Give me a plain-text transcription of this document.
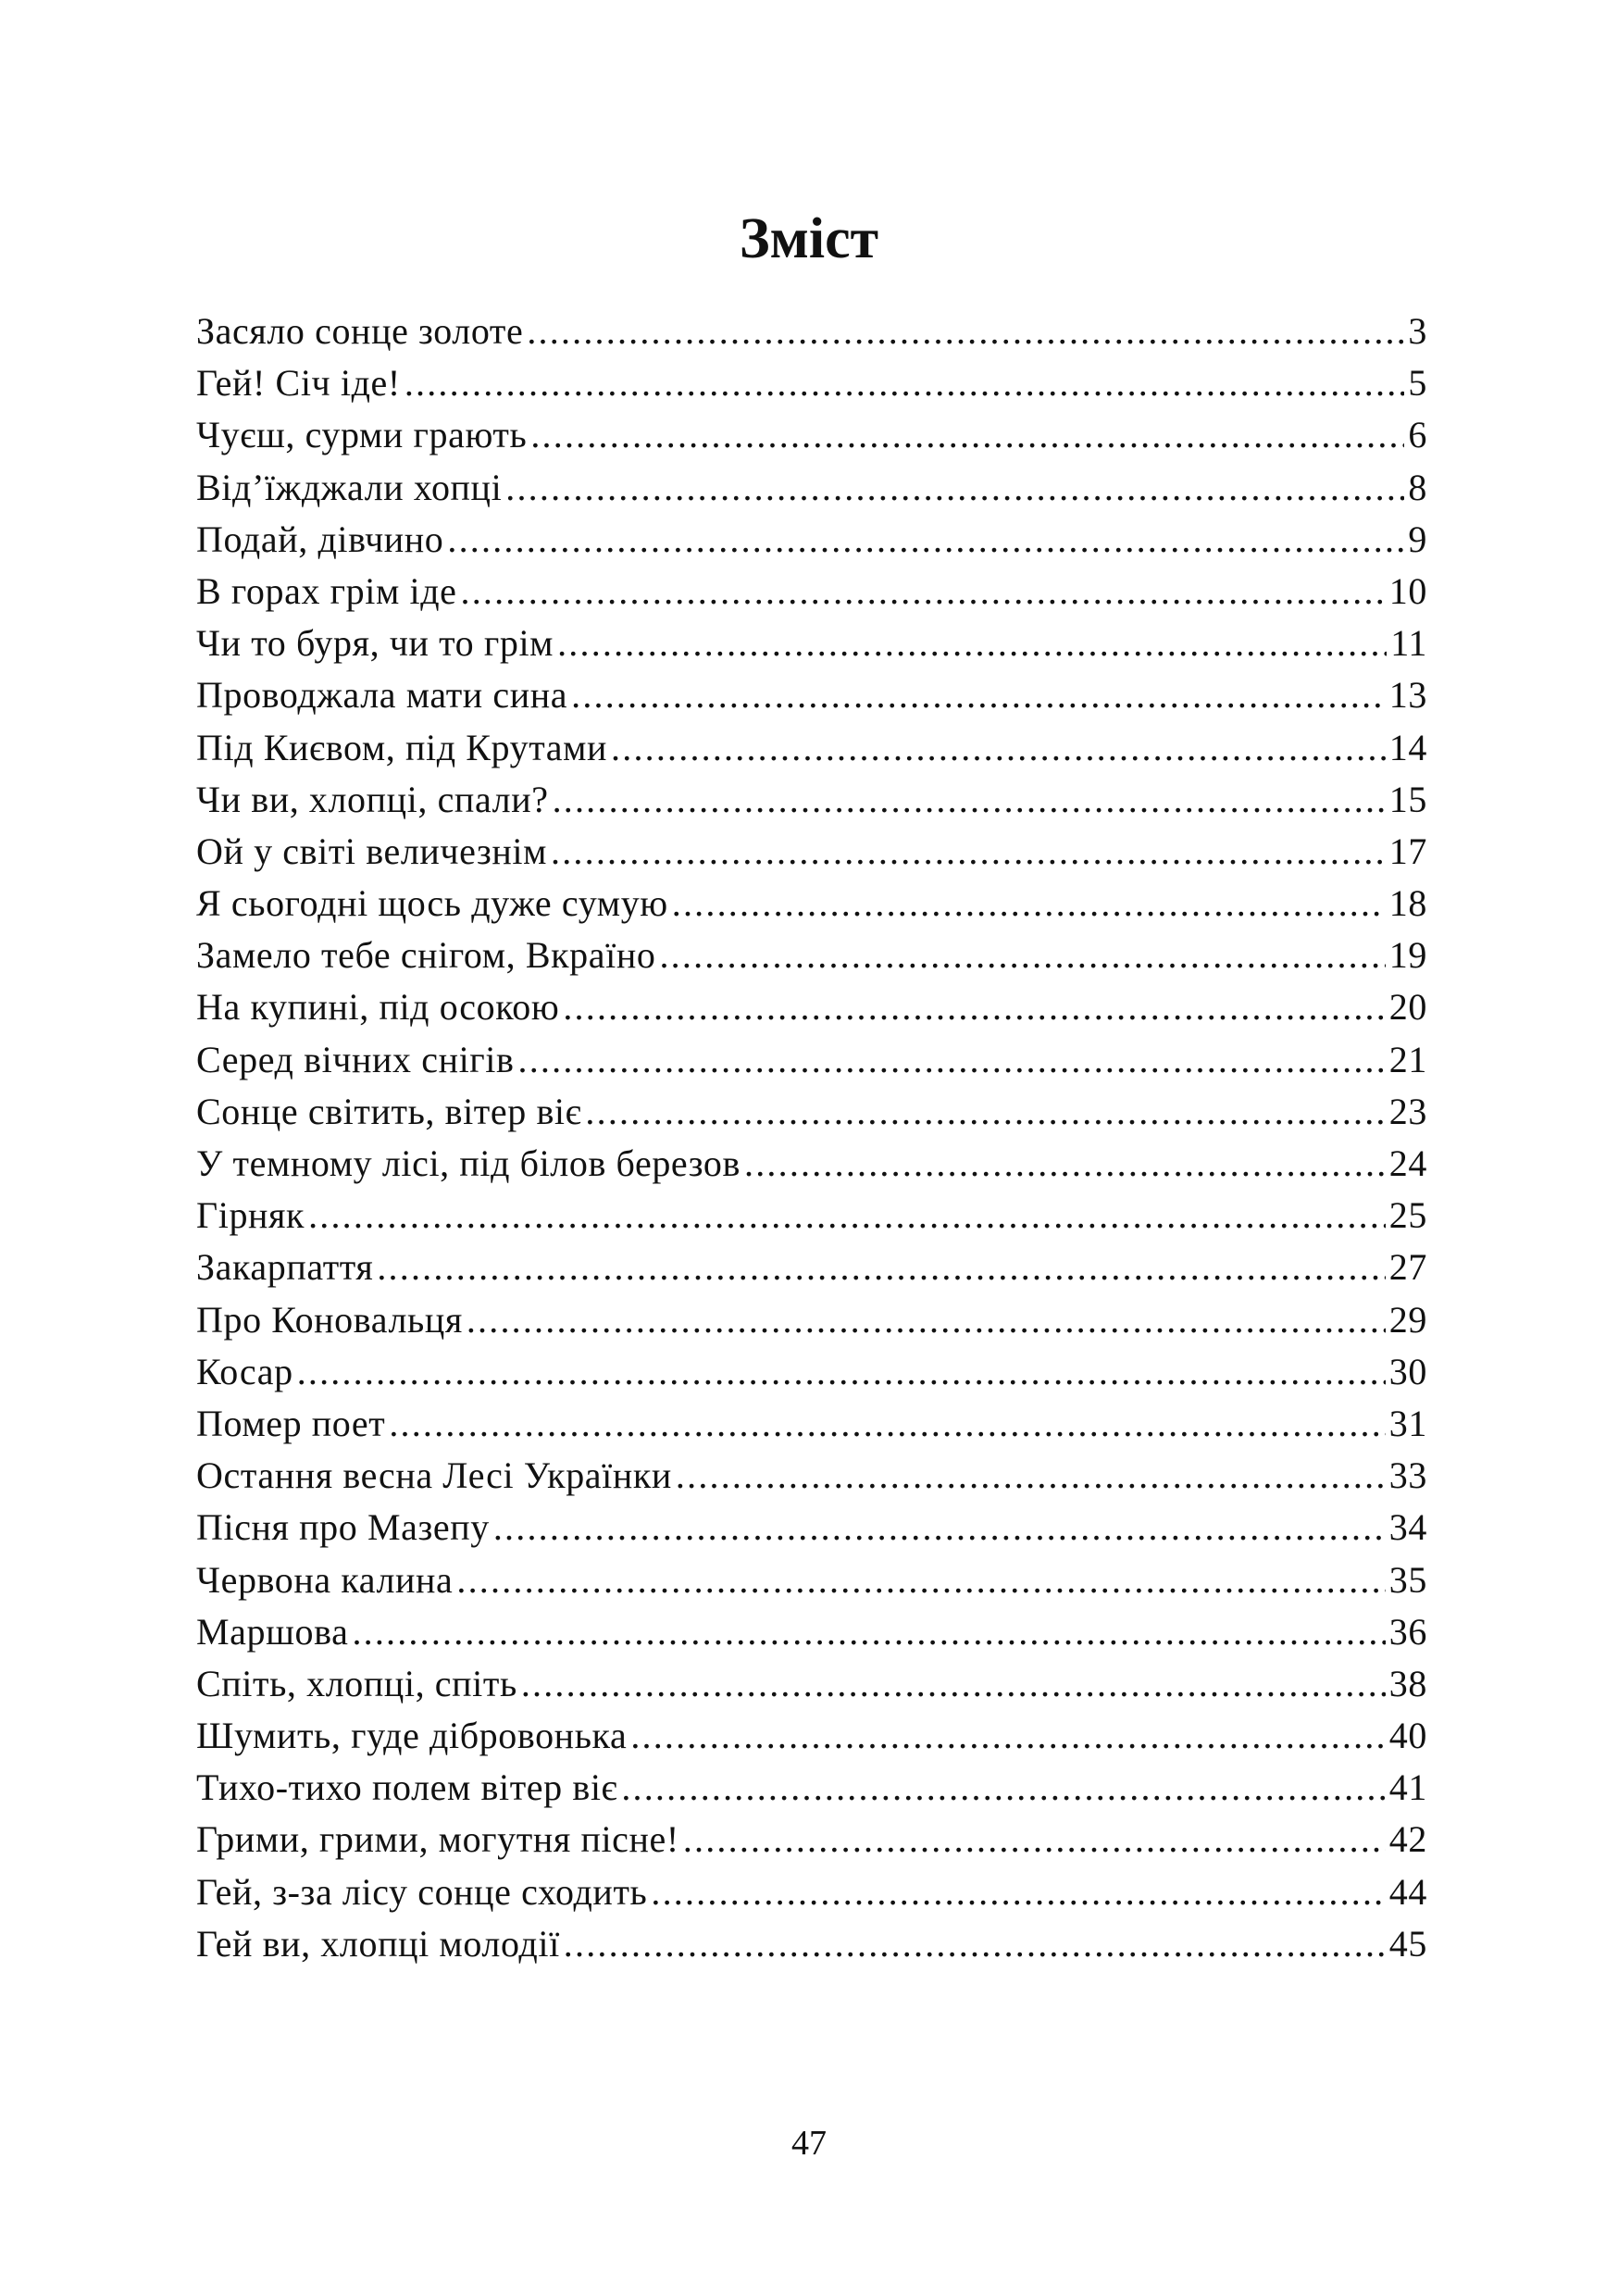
Зміст
Засяло сонце золоте .....	3
Гей! Січ іде! .....	5
Чуєш, сурми грають .....	6
Від’їжджали хопці .....	8
Подай, дівчино .....	9
В горах грім іде .....	10
Чи то буря, чи то грім .....	11
Проводжала мати сина .....	13
Під Києвом, під Крутами .....	14
Чи ви, хлопці, спали? .....	15
Ой у світі величезнім .....	17
Я сьогодні щось дуже сумую .....	18
Замело тебе снігом, Вкраїно .....	19
На купині, під осокою .....	20
Серед вічних снігів .....	21
Сонце світить, вітер віє .....	23
У темному лісі, під білов березов .....	24
Гірняк .....	25
Закарпаття .....	27
Про Коновальця .....	29
Косар .....	30
Помер поет .....	31
Остання весна Лесі Українки .....	33
Пісня про Мазепу .....	34
Червона калина .....	35
Маршова .....	36
Спіть, хлопці, спіть .....	38
Шумить, гуде дібровонька .....	40
Тихо-тихо полем вітер віє .....	41
Грими, грими, могутня пісне! .....	42
Гей, з-за лісу сонце сходить .....	44
Гей ви, хлопці молодії .....	45
47
